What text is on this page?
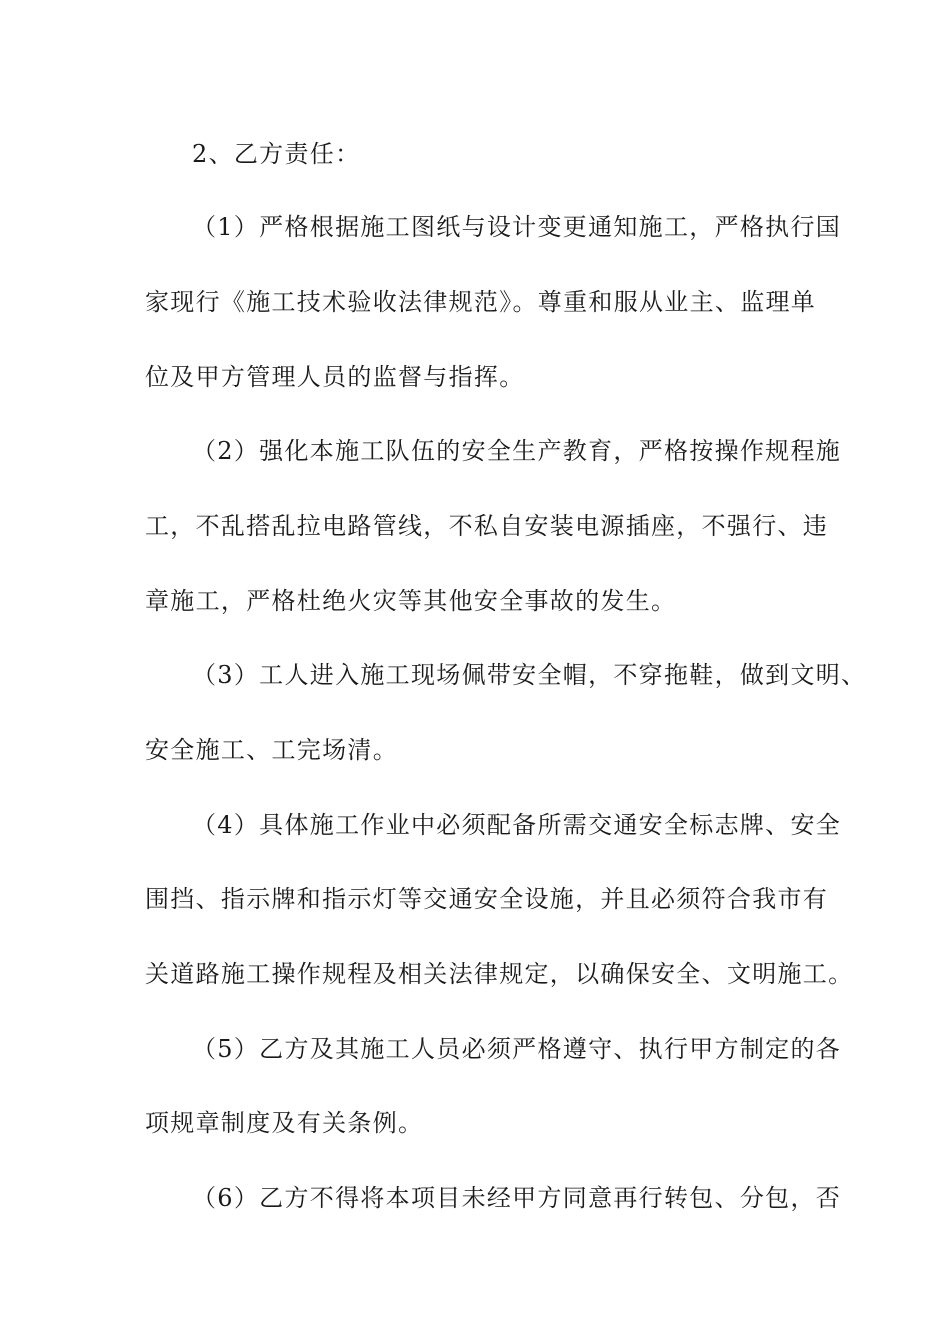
2、乙方责任：
（1）严格根据施工图纸与设计变更通知施工，严格执行国
家现行《施工技术验收法律规范》。尊重和服从业主、监理单
位及甲方管理人员的监督与指挥。
（2）强化本施工队伍的安全生产教育，严格按操作规程施
工，不乱搭乱拉电路管线，不私自安装电源插座，不强行、违
章施工，严格杜绝火灾等其他安全事故的发生。
（3）工人进入施工现场佩带安全帽，不穿拖鞋，做到文明、
安全施工、工完场清。
（4）具体施工作业中必须配备所需交通安全标志牌、安全
围挡、指示牌和指示灯等交通安全设施，并且必须符合我市有
关道路施工操作规程及相关法律规定，以确保安全、文明施工。
（5）乙方及其施工人员必须严格遵守、执行甲方制定的各
项规章制度及有关条例。
（6）乙方不得将本项目未经甲方同意再行转包、分包，否
